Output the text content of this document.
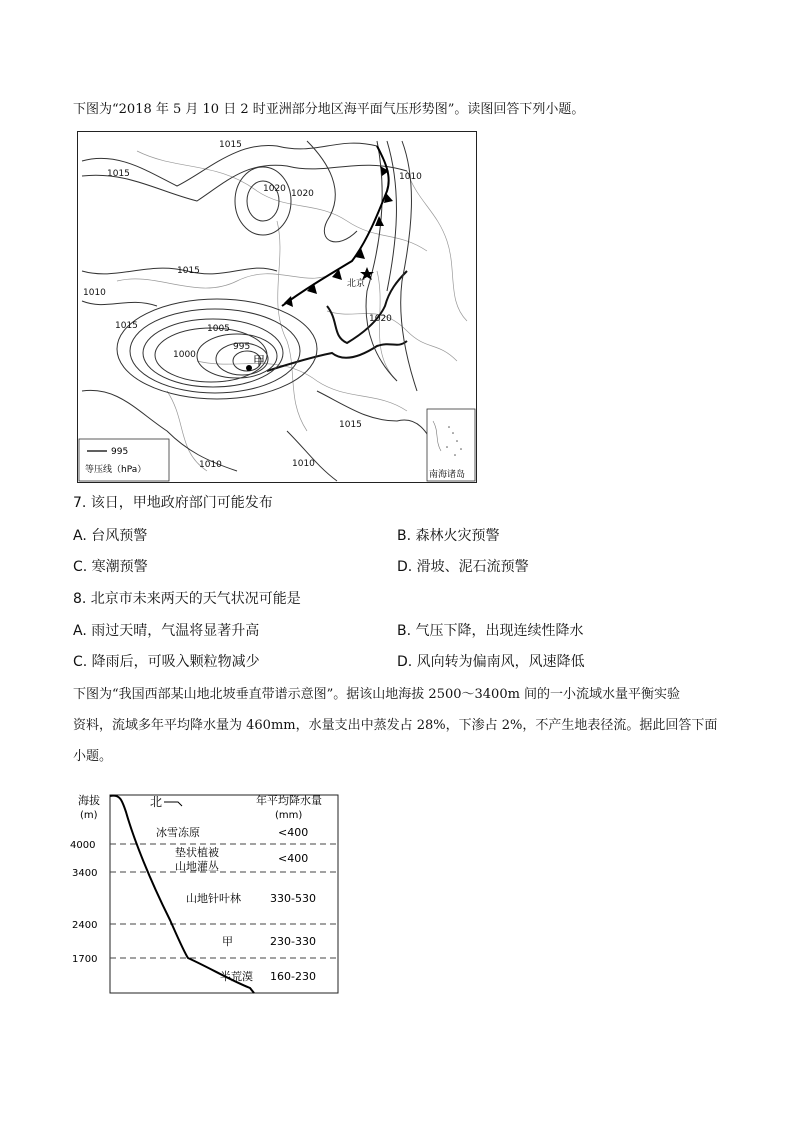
下图为“2018 年 5 月 10 日 2 时亚洲部分地区海平面气压形势图”。读图回答下列小题。
北京
甲
1015
1020
1015
1020
1010
1015
1010
1015	1005
1000
995
1015
1020
1010	1010
995
等压线（hPa）	南海诸岛
7. 该日，甲地政府部门可能发布
A. 台风预警	B. 森林火灾预警
C. 寒潮预警	D. 滑坡、泥石流预警
8. 北京市未来两天的天气状况可能是
A. 雨过天晴，气温将显著升高	B. 气压下降，出现连续性降水
C. 降雨后，可吸入颗粒物减少	D. 风向转为偏南风，风速降低
下图为“我国西部某山地北坡垂直带谱示意图”。据该山地海拔 2500～3400m 间的一小流域水量平衡实验
资料，流域多年平均降水量为 460mm，水量支出中蒸发占 28%，下渗占 2%，不产生地表径流。据此回答下面
小题。
海拔
(m)
北	年平均降水量
(mm)
4000
3400
2400
1700
冰雪冻原	<400
垫状植被	<400
山地灌丛
山地针叶林	330-530
甲	230-330
半荒漠 160-230
